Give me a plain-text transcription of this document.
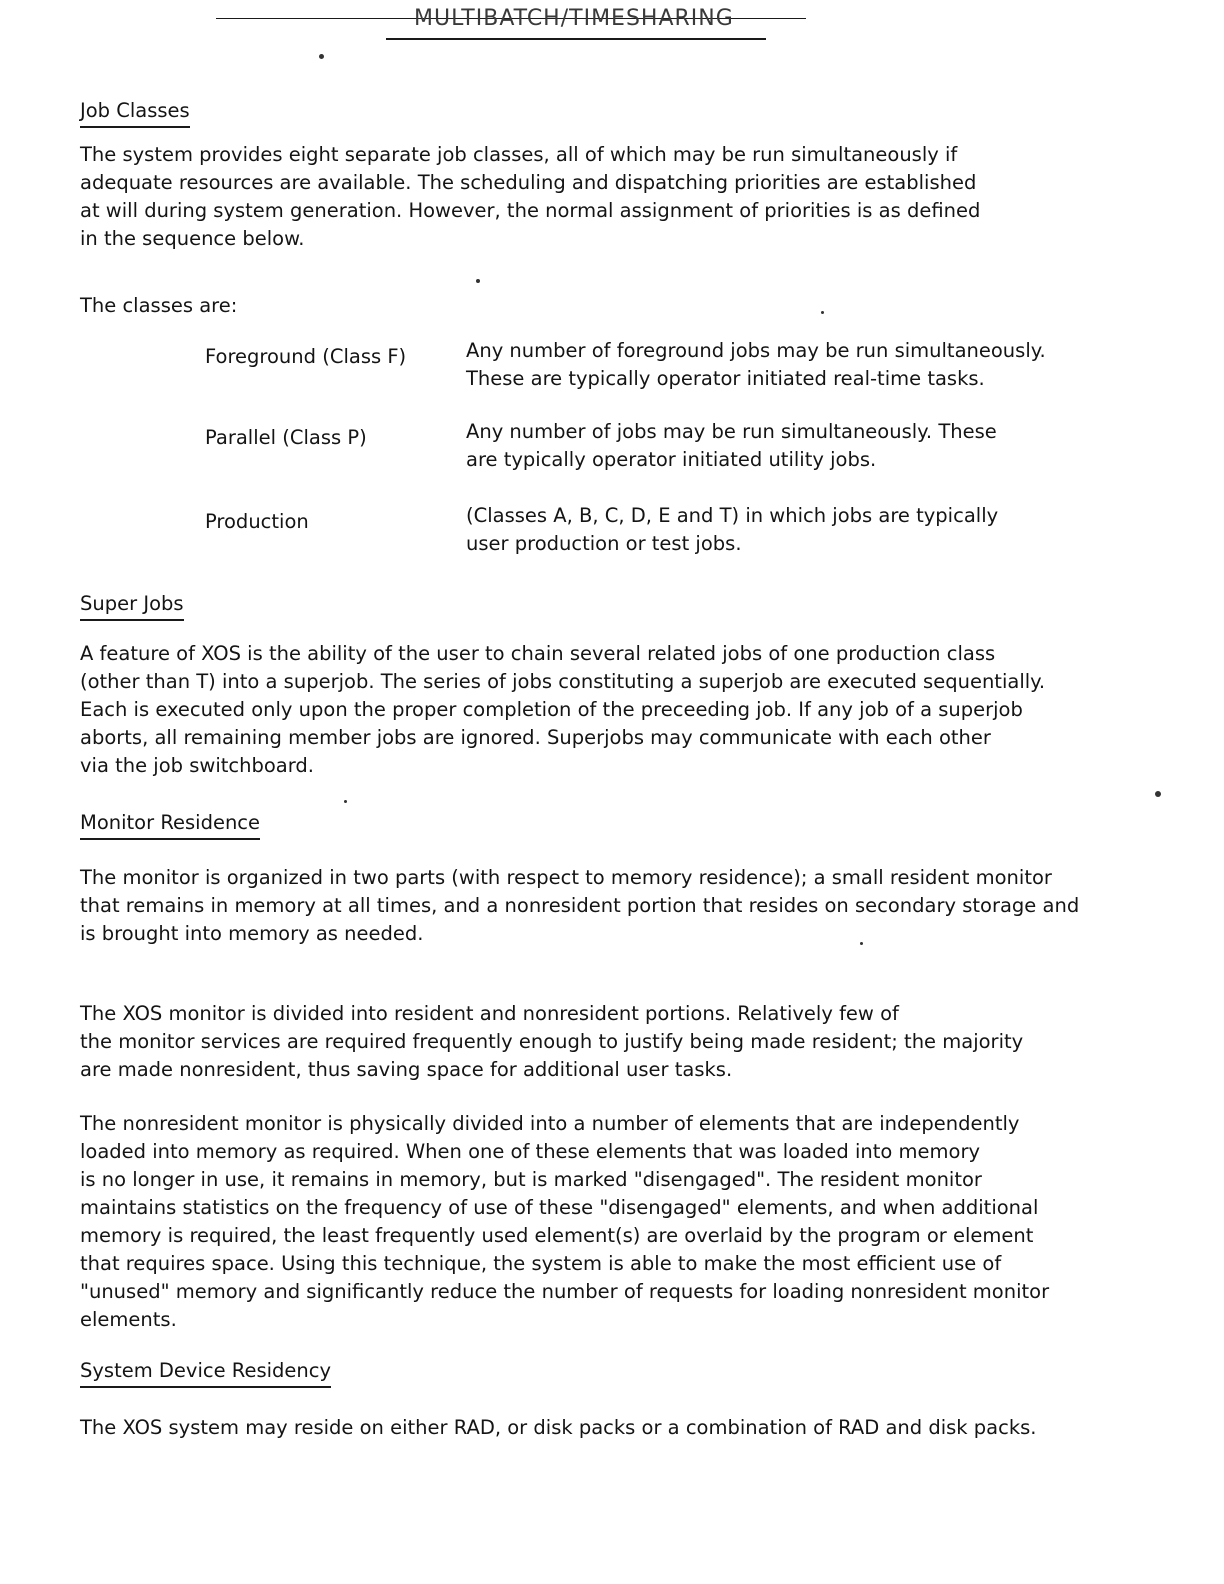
MULTIBATCH/TIMESHARING
Job Classes
The system provides eight separate job classes, all of which may be run simultaneously if
adequate resources are available. The scheduling and dispatching priorities are established
at will during system generation. However, the normal assignment of priorities is as defined
in the sequence below.
The classes are:
Foreground (Class F)	Any number of foreground jobs may be run simultaneously.
These are typically operator initiated real-time tasks.
Parallel (Class P)	Any number of jobs may be run simultaneously. These
are typically operator initiated utility jobs.
Production	(Classes A, B, C, D, E and T) in which jobs are typically
user production or test jobs.
Super Jobs
A feature of XOS is the ability of the user to chain several related jobs of one production class
(other than T) into a superjob. The series of jobs constituting a superjob are executed sequentially.
Each is executed only upon the proper completion of the preceeding job. If any job of a superjob
aborts, all remaining member jobs are ignored. Superjobs may communicate with each other
via the job switchboard.
Monitor Residence
The monitor is organized in two parts (with respect to memory residence); a small resident monitor
that remains in memory at all times, and a nonresident portion that resides on secondary storage and
is brought into memory as needed.
The XOS monitor is divided into resident and nonresident portions. Relatively few of
the monitor services are required frequently enough to justify being made resident; the majority
are made nonresident, thus saving space for additional user tasks.
The nonresident monitor is physically divided into a number of elements that are independently
loaded into memory as required. When one of these elements that was loaded into memory
is no longer in use, it remains in memory, but is marked "disengaged". The resident monitor
maintains statistics on the frequency of use of these "disengaged" elements, and when additional
memory is required, the least frequently used element(s) are overlaid by the program or element
that requires space. Using this technique, the system is able to make the most efficient use of
"unused" memory and significantly reduce the number of requests for loading nonresident monitor
elements.
System Device Residency
The XOS system may reside on either RAD, or disk packs or a combination of RAD and disk packs.
